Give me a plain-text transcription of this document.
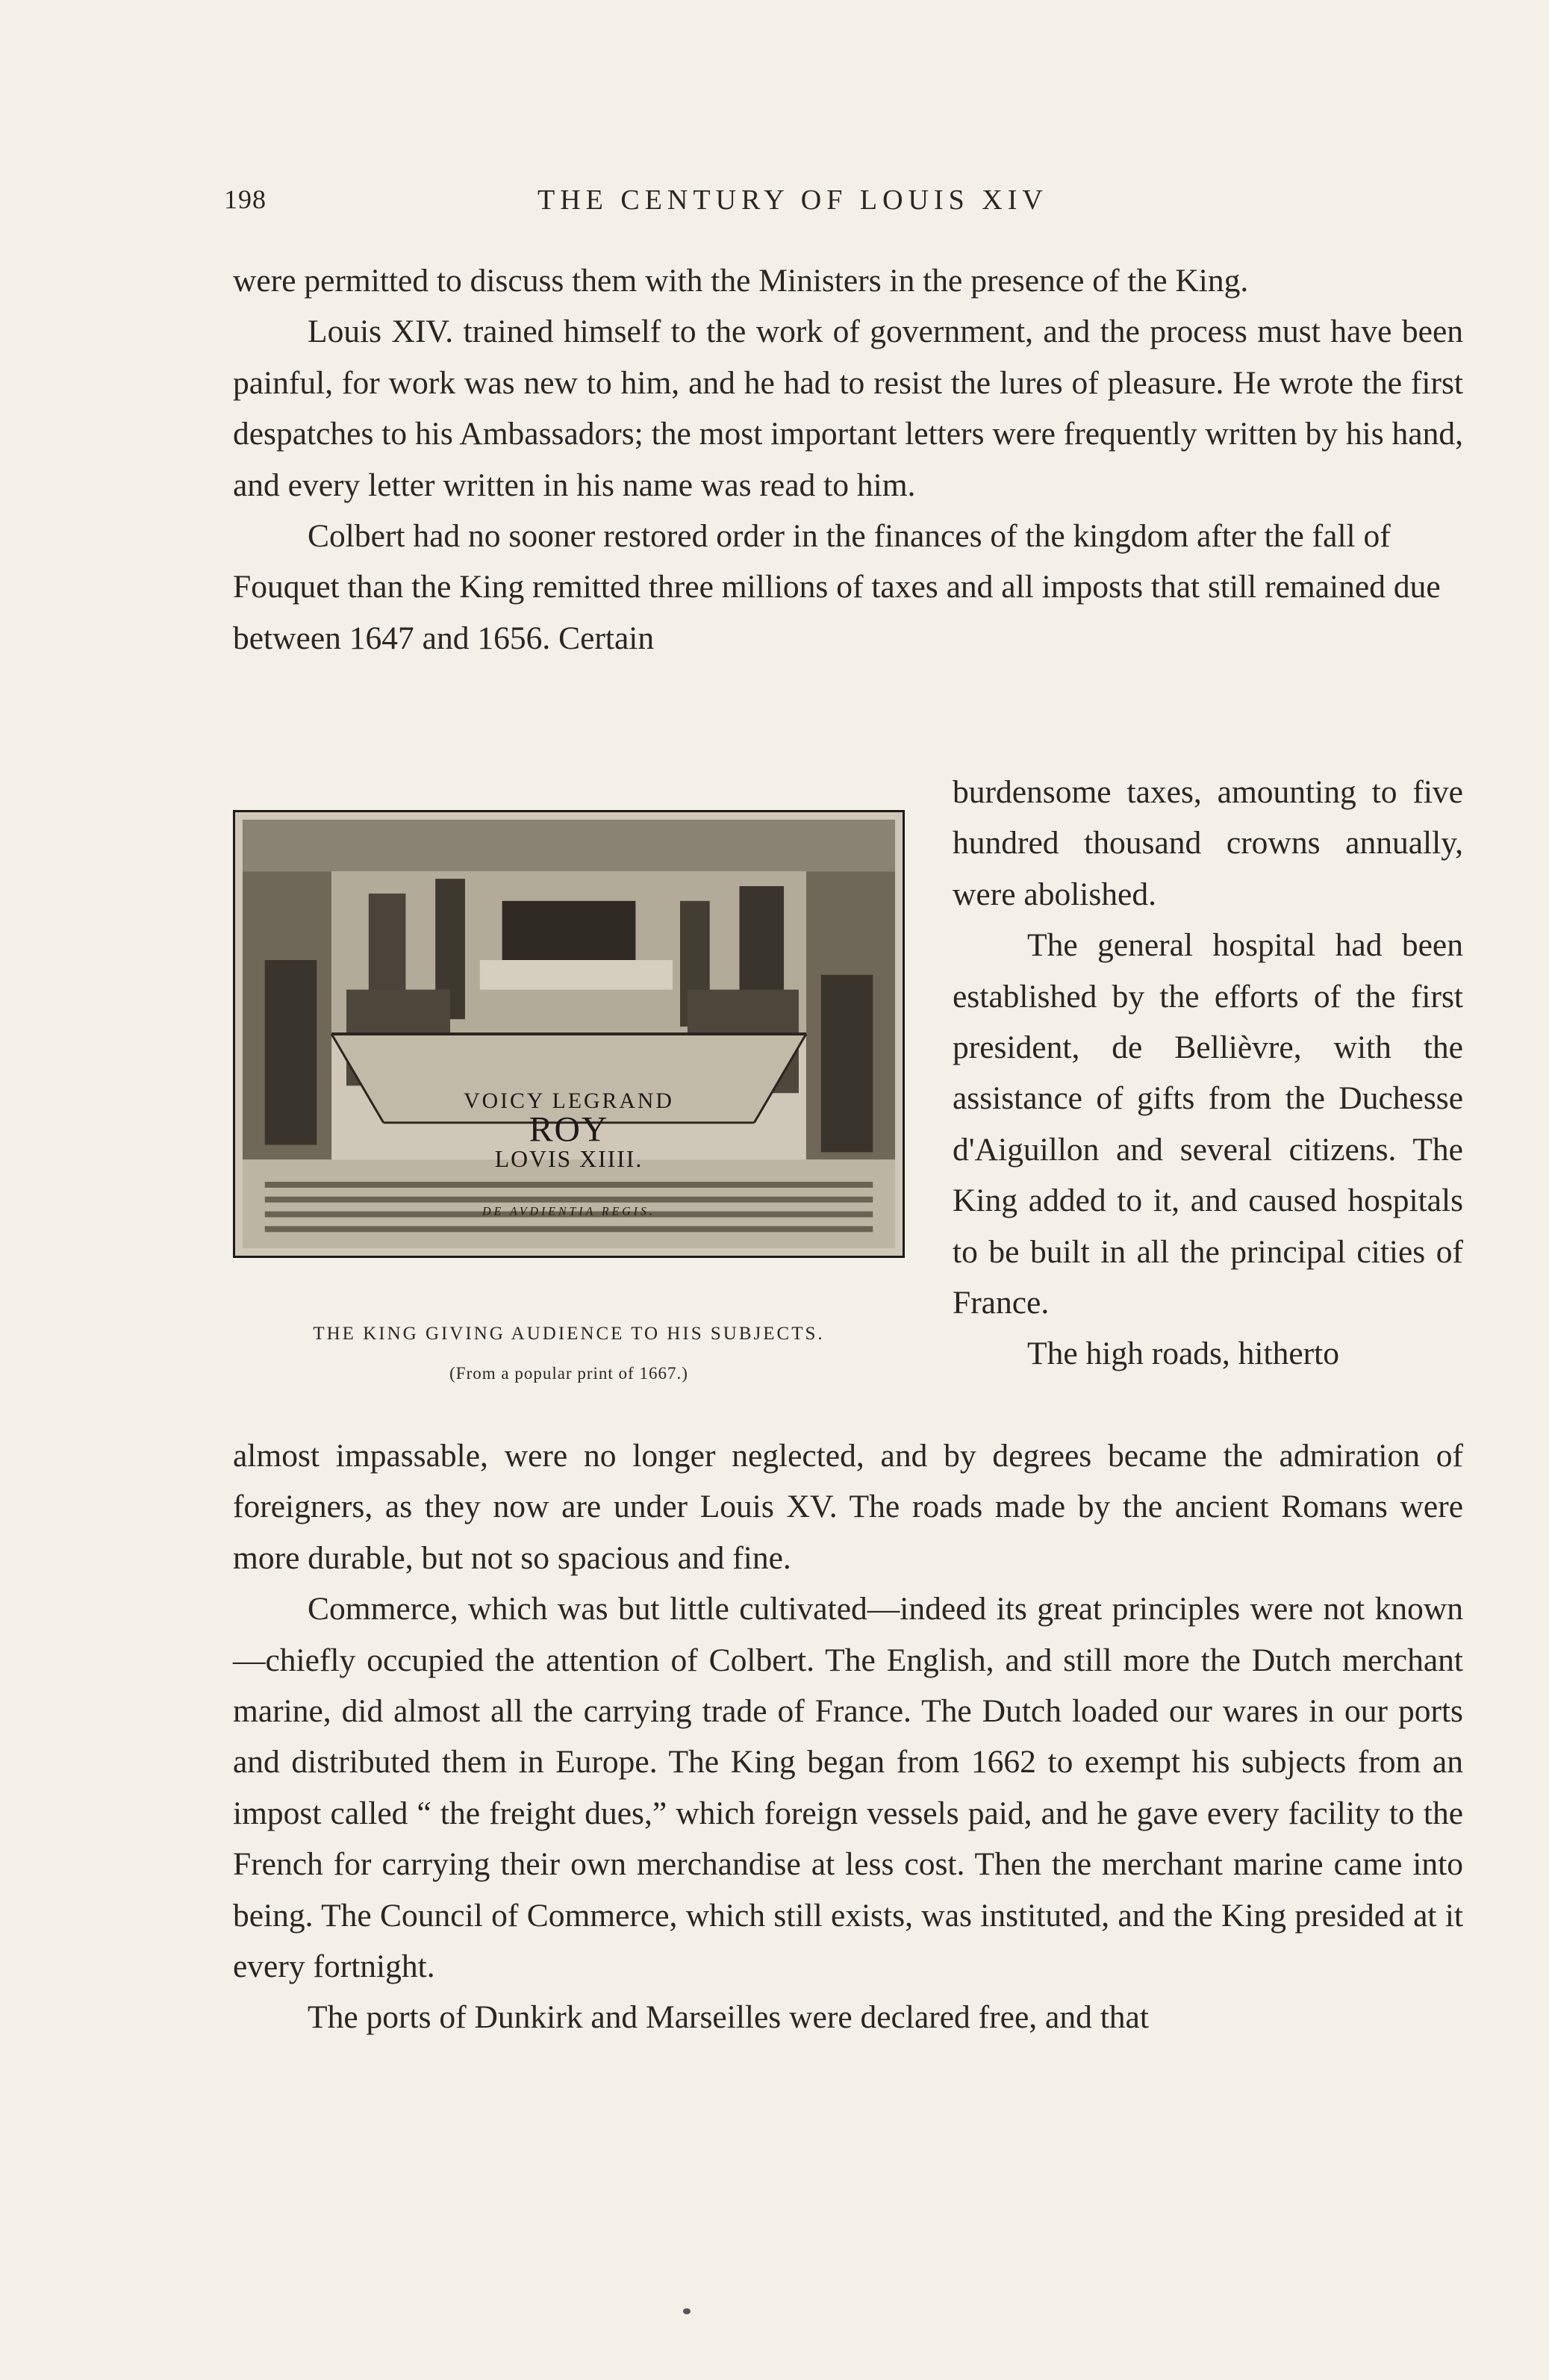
198	THE CENTURY OF LOUIS XIV

were permitted to discuss them with the Ministers in the presence of the King.

Louis XIV. trained himself to the work of government, and the process must have been painful, for work was new to him, and he had to resist the lures of pleasure. He wrote the first despatches to his Ambassadors; the most important letters were frequently written by his hand, and every letter written in his name was read to him.

Colbert had no sooner restored order in the finances of the kingdom after the fall of Fouquet than the King remitted three millions of taxes and all imposts that still remained due between 1647 and 1656. Certain

VOICY LEGRAND
ROY
LOVIS XIIII.
DE AVDIENTIA REGIS.
THE KING GIVING AUDIENCE TO HIS SUBJECTS.
(From a popular print of 1667.)

burdensome taxes, amounting to five hundred thousand crowns annually, were abolished.

The general hospital had been established by the efforts of the first president, de Bellièvre, with the assistance of gifts from the Duchesse d'Aiguillon and several citizens. The King added to it, and caused hospitals to be built in all the principal cities of France.

The high roads, hitherto

almost impassable, were no longer neglected, and by degrees became the admiration of foreigners, as they now are under Louis XV. The roads made by the ancient Romans were more durable, but not so spacious and fine.

Commerce, which was but little cultivated—indeed its great principles were not known—chiefly occupied the attention of Colbert. The English, and still more the Dutch merchant marine, did almost all the carrying trade of France. The Dutch loaded our wares in our ports and distributed them in Europe. The King began from 1662 to exempt his subjects from an impost called “ the freight dues,” which foreign vessels paid, and he gave every facility to the French for carrying their own merchandise at less cost. Then the merchant marine came into being. The Council of Commerce, which still exists, was instituted, and the King presided at it every fortnight.

The ports of Dunkirk and Marseilles were declared free, and that
